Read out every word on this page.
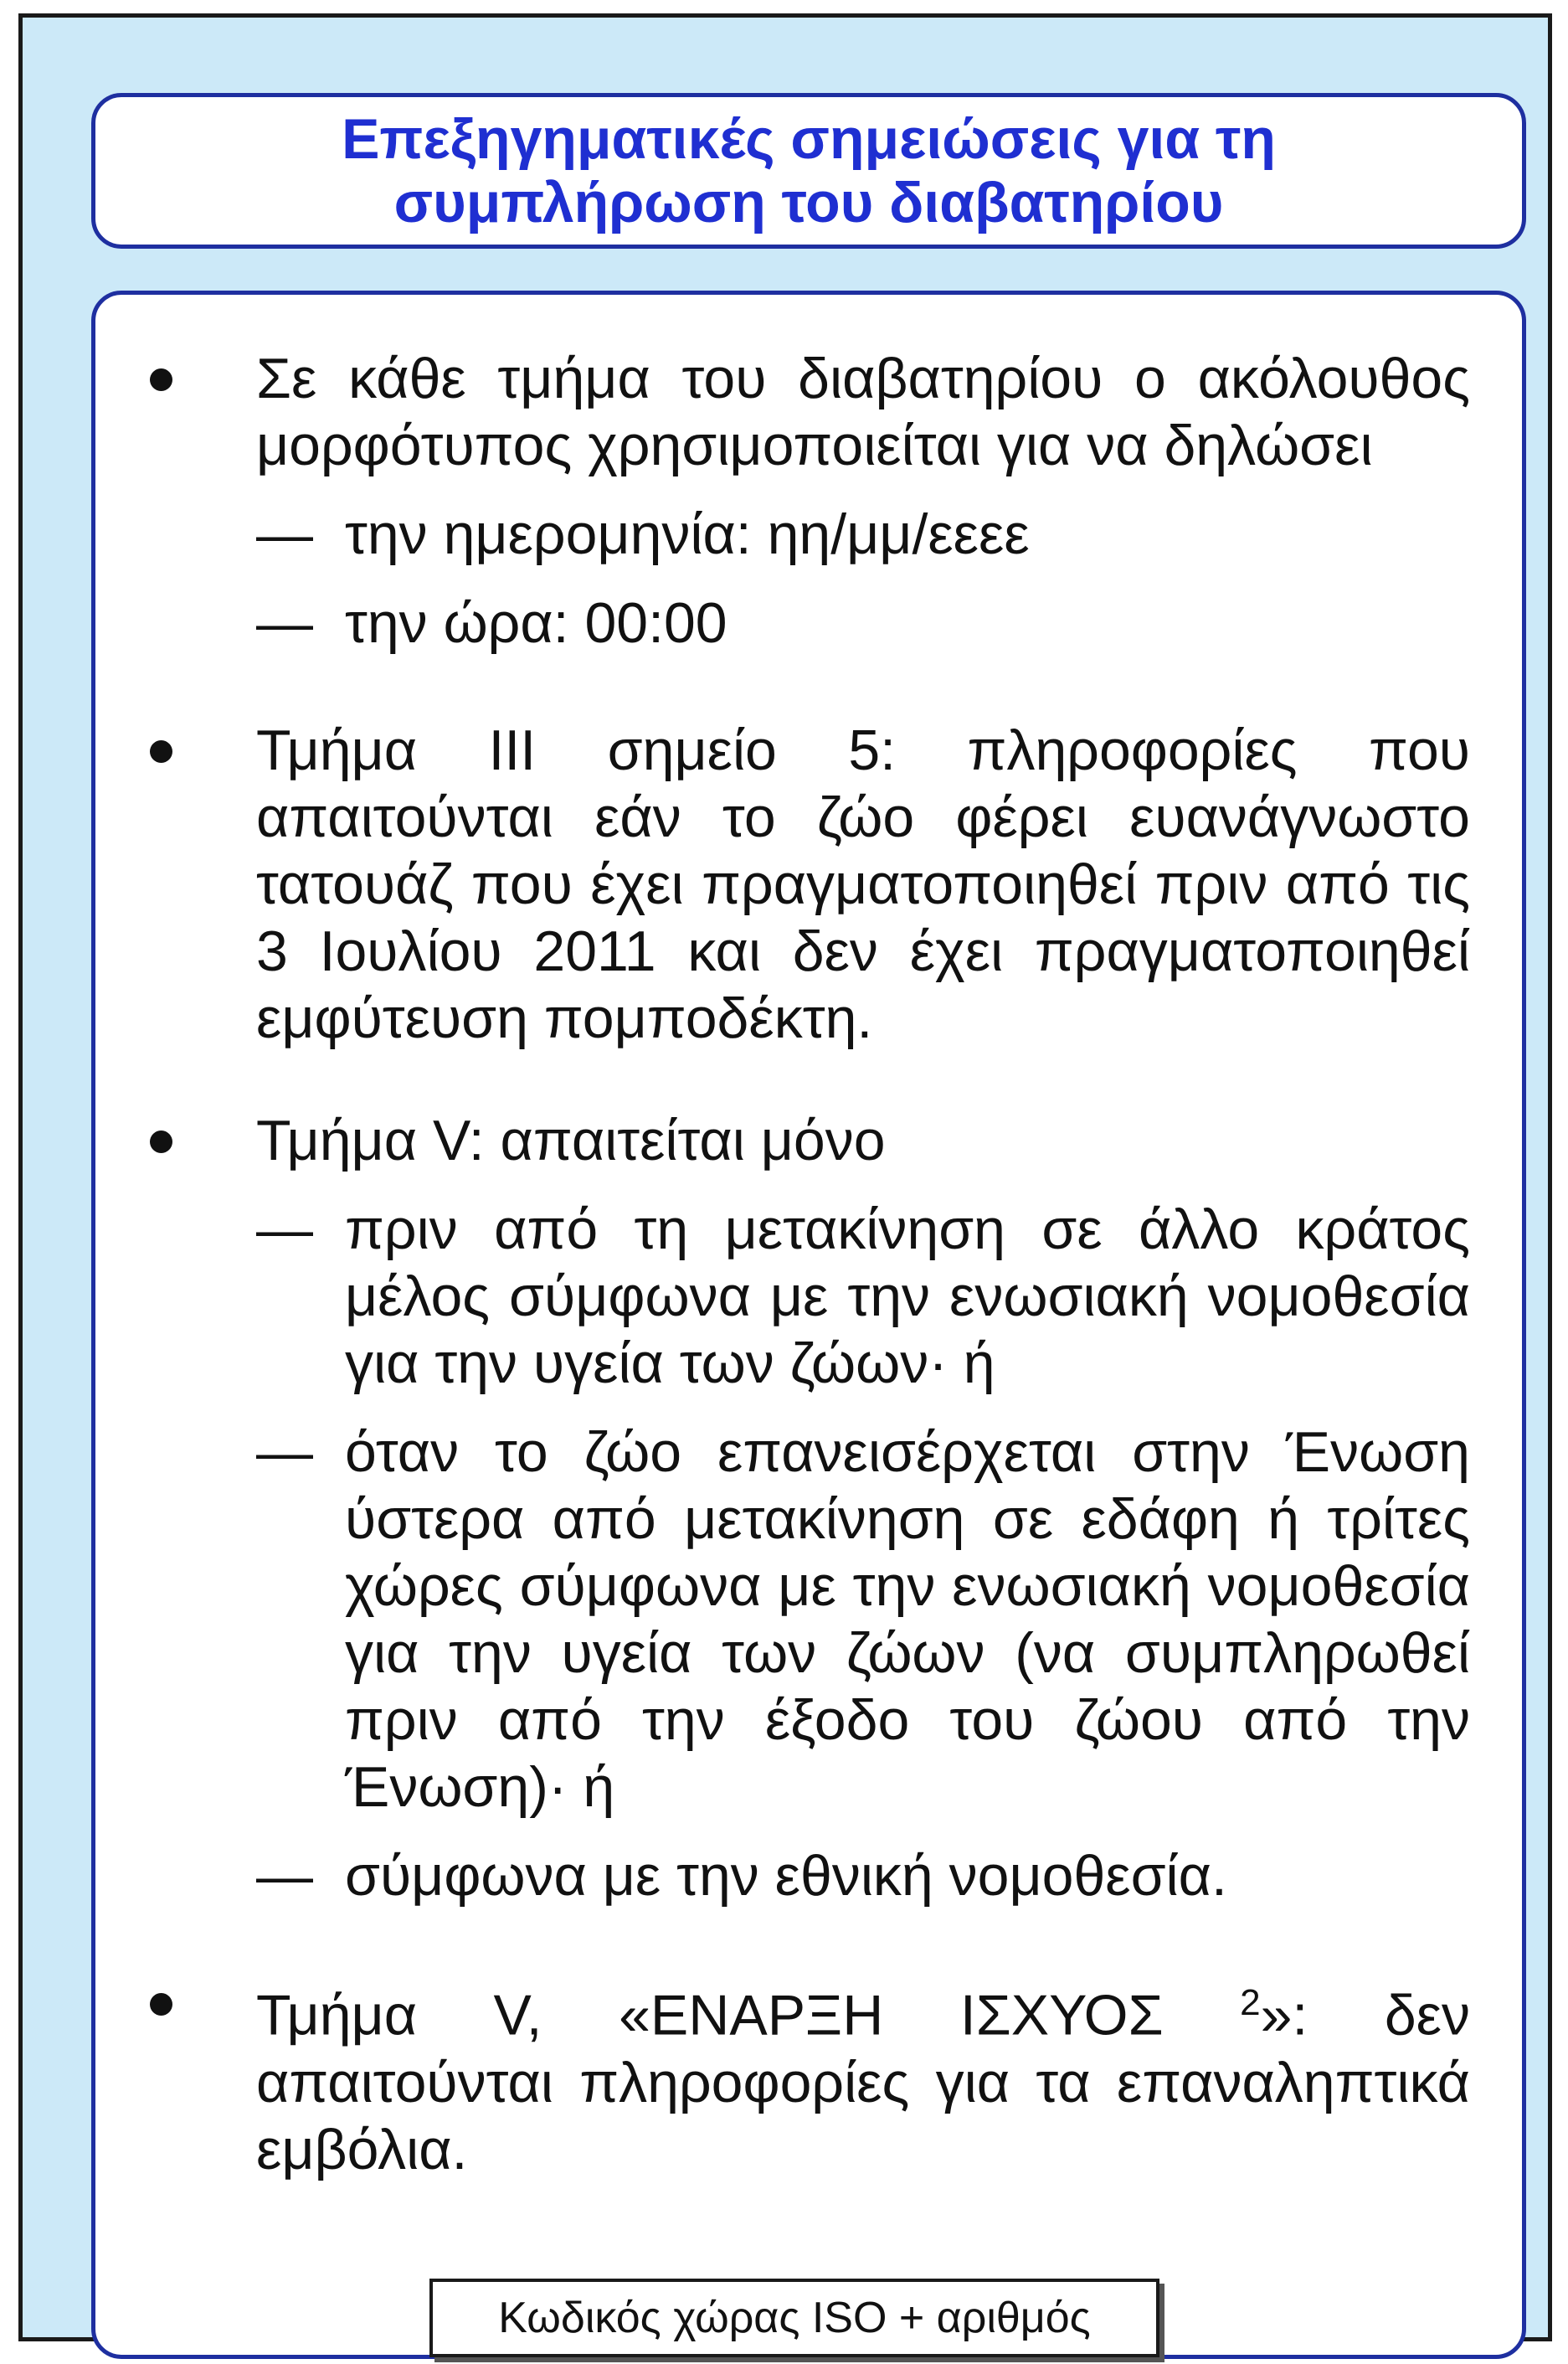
Επεξηγηματικές σημειώσεις για τη
συμπλήρωση του διαβατηρίου

Σε κάθε τμήμα του διαβατηρίου ο ακόλουθος μορφότυπος χρησιμοποιείται για να δηλώσει

— την ημερομηνία: ηη/μμ/εεεε

— την ώρα: 00:00

Τμήμα III σημείο 5: πληροφορίες που απαιτούνται εάν το ζώο φέρει ευανάγνωστο τατουάζ που έχει πραγματοποιηθεί πριν από τις 3 Ιουλίου 2011 και δεν έχει πραγματοποιηθεί εμφύτευση πομποδέκτη.

Τμήμα V: απαιτείται μόνο

— πριν από τη μετακίνηση σε άλλο κράτος μέλος σύμφωνα με την ενωσιακή νομοθεσία για την υγεία των ζώων· ή

— όταν το ζώο επανεισέρχεται στην Ένωση ύστερα από μετακίνηση σε εδάφη ή τρίτες χώρες σύμφωνα με την ενωσιακή νομοθεσία για την υγεία των ζώων (να συμπληρωθεί πριν από την έξοδο του ζώου από την Ένωση)· ή

— σύμφωνα με την εθνική νομοθεσία.

Τμήμα V, «ΕΝΑΡΞΗ ΙΣΧΥΟΣ $^2$»: δεν απαιτούνται πληροφορίες για τα επαναληπτικά εμβόλια.

Κωδικός χώρας ISO + αριθμός
